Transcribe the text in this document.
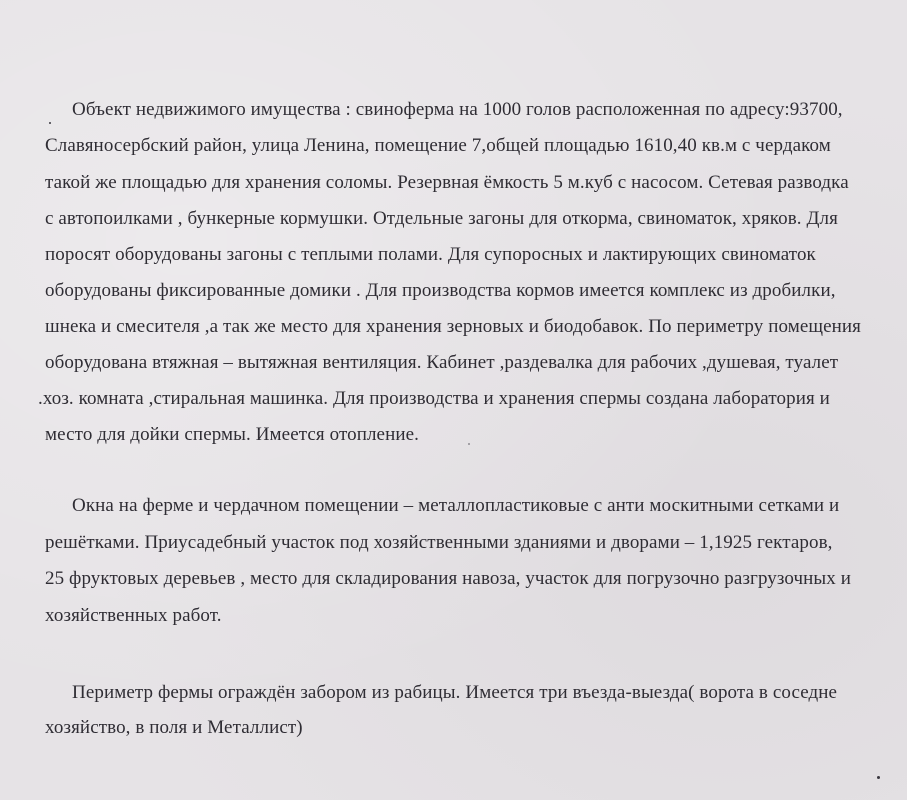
Объект недвижимого имущества : свиноферма на 1000 голов расположенная по адресу:93700,
Славяносербский район, улица Ленина, помещение 7,общей площадью 1610,40 кв.м с чердаком
такой же площадью для хранения соломы. Резервная ёмкость 5 м.куб с насосом. Сетевая разводка
с автопоилками , бункерные кормушки. Отдельные загоны для откорма, свиноматок, хряков. Для
поросят оборудованы загоны с теплыми полами. Для супоросных и лактирующих свиноматок
оборудованы фиксированные домики . Для производства кормов имеется комплекс из дробилки,
шнека и смесителя ,а так же место для хранения зерновых и биодобавок. По периметру помещения
оборудована втяжная – вытяжная вентиляция. Кабинет ,раздевалка для рабочих ,душевая, туалет
.хоз. комната ,стиральная машинка. Для производства и хранения спермы создана лаборатория и
место для дойки спермы. Имеется отопление.
Окна на ферме и чердачном помещении – металлопластиковые с анти москитными сетками и
решётками. Приусадебный участок под хозяйственными зданиями и дворами – 1,1925 гектаров,
25 фруктовых деревьев , место для складирования навоза, участок для погрузочно разгрузочных и
хозяйственных работ.
Периметр фермы ограждён забором из рабицы. Имеется три въезда-выезда( ворота в соседне
хозяйство, в поля и Металлист)
